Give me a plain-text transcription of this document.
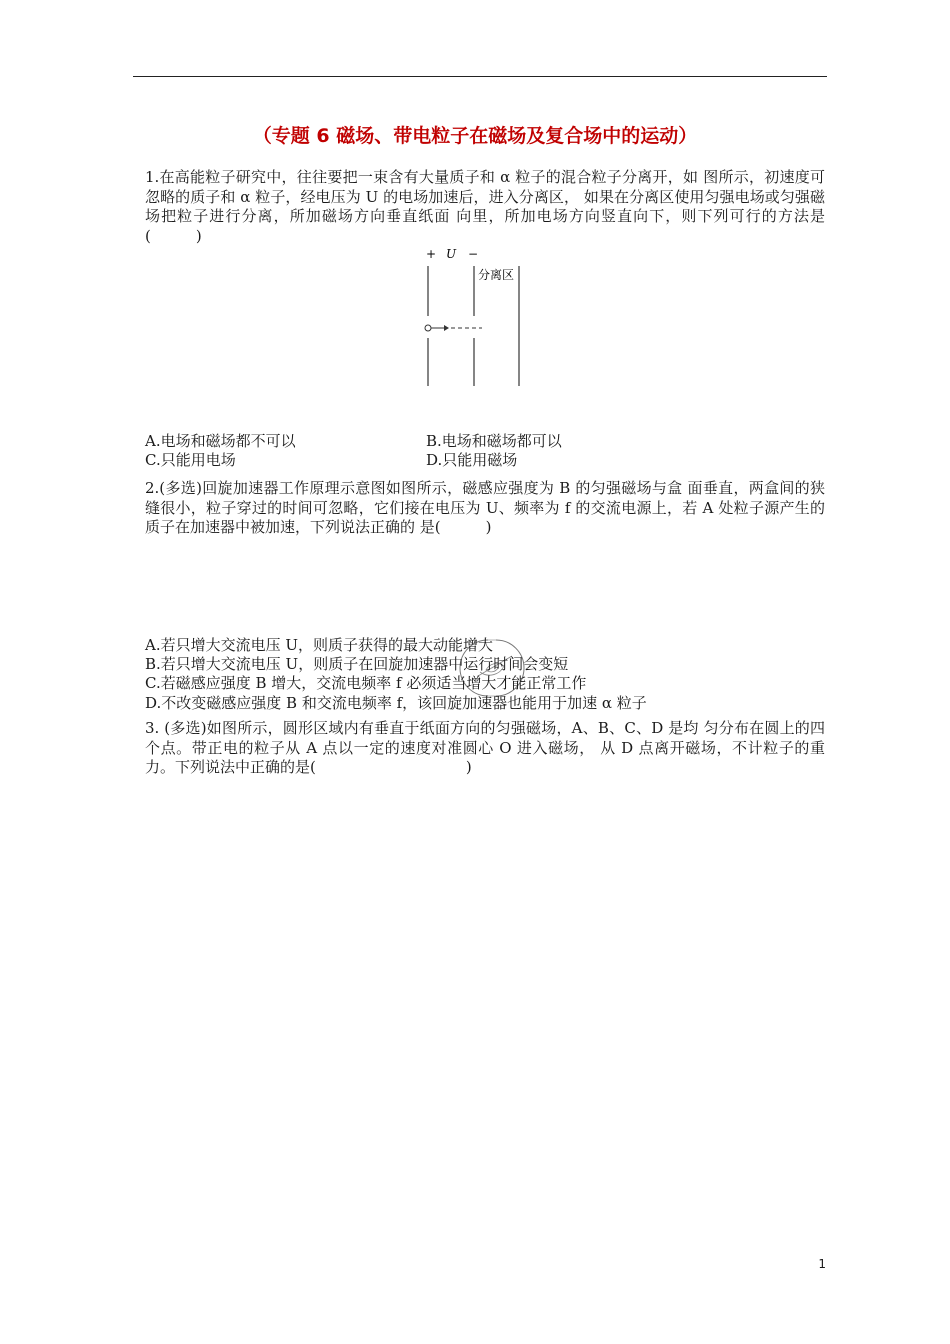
（专题 6 磁场、带电粒子在磁场及复合场中的运动）
1.在高能粒子研究中，往往要把一束含有大量质子和 α 粒子的混合粒子分离开，如 图所示，初速度可忽略的质子和 α 粒子，经电压为 U 的电场加速后，进入分离区， 如果在分离区使用匀强电场或匀强磁场把粒子进行分离，所加磁场方向垂直纸面 向里，所加电场方向竖直向下，则下列可行的方法是(　　　)
+ U −
分离区
A.电场和磁场都不可以	B.电场和磁场都可以
C.只能用电场	D.只能用磁场
2.(多选)回旋加速器工作原理示意图如图所示，磁感应强度为 B 的匀强磁场与盒 面垂直，两盒间的狭缝很小，粒子穿过的时间可忽略，它们接在电压为 U、频率为 f 的交流电源上，若 A 处粒子源产生的质子在加速器中被加速，下列说法正确的 是(　　　)
A.若只增大交流电压 U，则质子获得的最大动能增大
B.若只增大交流电压 U，则质子在回旋加速器中运行时间会变短
C.若磁感应强度 B 增大，交流电频率 f 必须适当增大才能正常工作
D.不改变磁感应强度 B 和交流电频率 f，该回旋加速器也能用于加速 α 粒子
3. (多选)如图所示，圆形区域内有垂直于纸面方向的匀强磁场，A、B、C、D 是均 匀分布在圆上的四个点。带正电的粒子从 A 点以一定的速度对准圆心 O 进入磁场， 从 D 点离开磁场，不计粒子的重力。下列说法中正确的是(　　　　　　　　　　)
1
